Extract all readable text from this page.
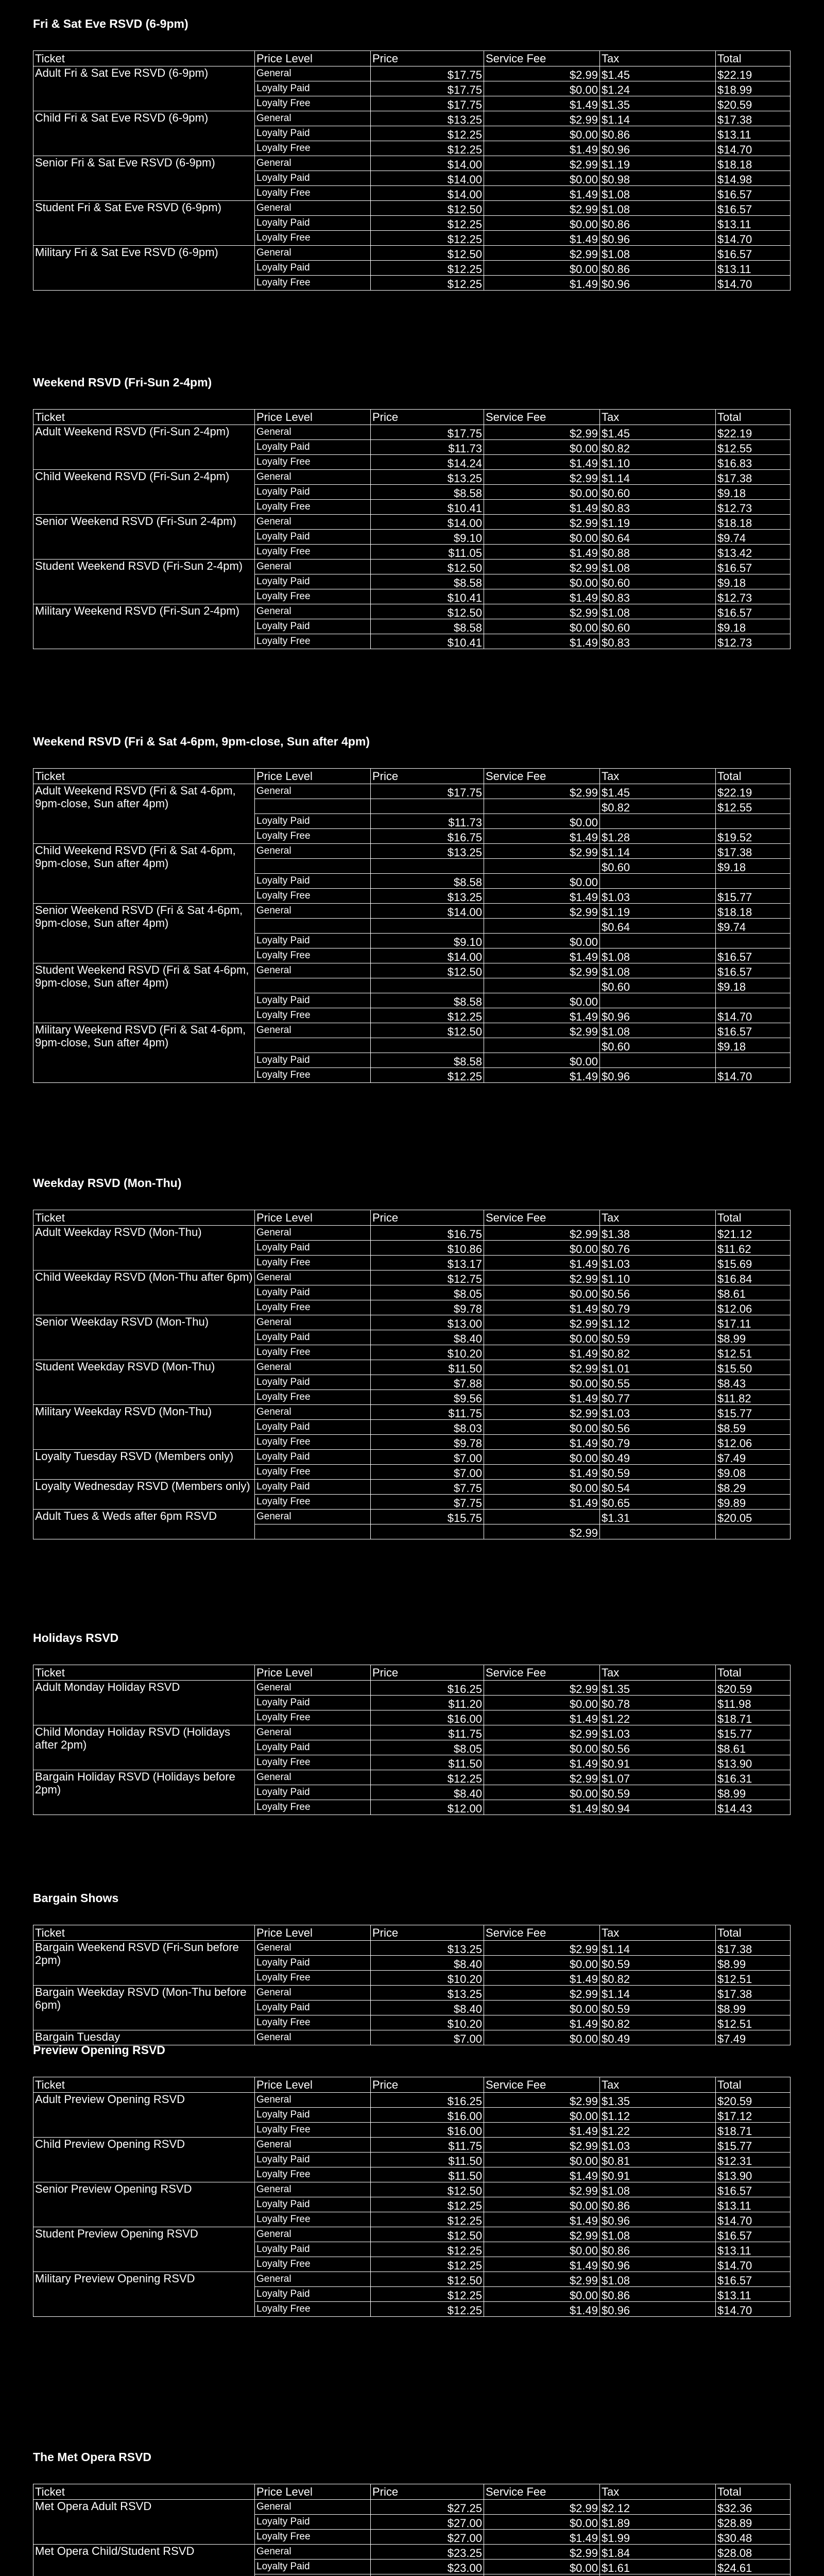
Fri & Sat Eve RSVD (6-9pm)
Ticket	Price Level	Price	Service Fee	Tax	Total
Adult Fri & Sat Eve RSVD (6-9pm)	General	$17.75	$2.99	$1.45	$22.19
	Loyalty Paid	$17.75	$0.00	$1.24	$18.99
	Loyalty Free	$17.75	$1.49	$1.35	$20.59
Child Fri & Sat Eve RSVD (6-9pm)	General	$13.25	$2.99	$1.14	$17.38
	Loyalty Paid	$12.25	$0.00	$0.86	$13.11
	Loyalty Free	$12.25	$1.49	$0.96	$14.70
Senior Fri & Sat Eve RSVD (6-9pm)	General	$14.00	$2.99	$1.19	$18.18
	Loyalty Paid	$14.00	$0.00	$0.98	$14.98
	Loyalty Free	$14.00	$1.49	$1.08	$16.57
Student Fri & Sat Eve RSVD (6-9pm)	General	$12.50	$2.99	$1.08	$16.57
	Loyalty Paid	$12.25	$0.00	$0.86	$13.11
	Loyalty Free	$12.25	$1.49	$0.96	$14.70
Military Fri & Sat Eve RSVD (6-9pm)	General	$12.50	$2.99	$1.08	$16.57
	Loyalty Paid	$12.25	$0.00	$0.86	$13.11
	Loyalty Free	$12.25	$1.49	$0.96	$14.70
Weekend RSVD (Fri-Sun 2-4pm)
Ticket	Price Level	Price	Service Fee	Tax	Total
Adult Weekend RSVD (Fri-Sun 2-4pm)	General	$17.75	$2.99	$1.45	$22.19
	Loyalty Paid	$11.73	$0.00	$0.82	$12.55
	Loyalty Free	$14.24	$1.49	$1.10	$16.83
Child Weekend RSVD (Fri-Sun 2-4pm)	General	$13.25	$2.99	$1.14	$17.38
	Loyalty Paid	$8.58	$0.00	$0.60	$9.18
	Loyalty Free	$10.41	$1.49	$0.83	$12.73
Senior Weekend RSVD (Fri-Sun 2-4pm)	General	$14.00	$2.99	$1.19	$18.18
	Loyalty Paid	$9.10	$0.00	$0.64	$9.74
	Loyalty Free	$11.05	$1.49	$0.88	$13.42
Student Weekend RSVD (Fri-Sun 2-4pm)	General	$12.50	$2.99	$1.08	$16.57
	Loyalty Paid	$8.58	$0.00	$0.60	$9.18
	Loyalty Free	$10.41	$1.49	$0.83	$12.73
Military Weekend RSVD (Fri-Sun 2-4pm)	General	$12.50	$2.99	$1.08	$16.57
	Loyalty Paid	$8.58	$0.00	$0.60	$9.18
	Loyalty Free	$10.41	$1.49	$0.83	$12.73
Weekend RSVD (Fri & Sat 4-6pm, 9pm-close, Sun after 4pm)
Ticket	Price Level	Price	Service Fee	Tax	Total
Adult Weekend RSVD (Fri & Sat 4-6pm, 9pm-close, Sun after 4pm)	General	$17.75	$2.99	$1.45	$22.19
				$0.82	$12.55
	Loyalty Paid	$11.73	$0.00		
	Loyalty Free	$16.75	$1.49	$1.28	$19.52
Child Weekend RSVD (Fri & Sat 4-6pm, 9pm-close, Sun after 4pm)	General	$13.25	$2.99	$1.14	$17.38
				$0.60	$9.18
	Loyalty Paid	$8.58	$0.00		
	Loyalty Free	$13.25	$1.49	$1.03	$15.77
Senior Weekend RSVD (Fri & Sat 4-6pm, 9pm-close, Sun after 4pm)	General	$14.00	$2.99	$1.19	$18.18
				$0.64	$9.74
	Loyalty Paid	$9.10	$0.00		
	Loyalty Free	$14.00	$1.49	$1.08	$16.57
Student Weekend RSVD (Fri & Sat 4-6pm, 9pm-close, Sun after 4pm)	General	$12.50	$2.99	$1.08	$16.57
				$0.60	$9.18
	Loyalty Paid	$8.58	$0.00		
	Loyalty Free	$12.25	$1.49	$0.96	$14.70
Military Weekend RSVD (Fri & Sat 4-6pm, 9pm-close, Sun after 4pm)	General	$12.50	$2.99	$1.08	$16.57
				$0.60	$9.18
	Loyalty Paid	$8.58	$0.00		
	Loyalty Free	$12.25	$1.49	$0.96	$14.70
Weekday RSVD (Mon-Thu)
Ticket	Price Level	Price	Service Fee	Tax	Total
Adult Weekday RSVD (Mon-Thu)	General	$16.75	$2.99	$1.38	$21.12
	Loyalty Paid	$10.86	$0.00	$0.76	$11.62
	Loyalty Free	$13.17	$1.49	$1.03	$15.69
Child Weekday RSVD (Mon-Thu after 6pm)	General	$12.75	$2.99	$1.10	$16.84
	Loyalty Paid	$8.05	$0.00	$0.56	$8.61
	Loyalty Free	$9.78	$1.49	$0.79	$12.06
Senior Weekday RSVD (Mon-Thu)	General	$13.00	$2.99	$1.12	$17.11
	Loyalty Paid	$8.40	$0.00	$0.59	$8.99
	Loyalty Free	$10.20	$1.49	$0.82	$12.51
Student Weekday RSVD (Mon-Thu)	General	$11.50	$2.99	$1.01	$15.50
	Loyalty Paid	$7.88	$0.00	$0.55	$8.43
	Loyalty Free	$9.56	$1.49	$0.77	$11.82
Military Weekday RSVD (Mon-Thu)	General	$11.75	$2.99	$1.03	$15.77
	Loyalty Paid	$8.03	$0.00	$0.56	$8.59
	Loyalty Free	$9.78	$1.49	$0.79	$12.06
Loyalty Tuesday RSVD (Members only)	Loyalty Paid	$7.00	$0.00	$0.49	$7.49
	Loyalty Free	$7.00	$1.49	$0.59	$9.08
Loyalty Wednesday RSVD (Members only)	Loyalty Paid	$7.75	$0.00	$0.54	$8.29
	Loyalty Free	$7.75	$1.49	$0.65	$9.89
Adult Tues & Weds after 6pm RSVD	General	$15.75		$1.31	$20.05
			$2.99		
Holidays RSVD
Ticket	Price Level	Price	Service Fee	Tax	Total
Adult Monday Holiday RSVD	General	$16.25	$2.99	$1.35	$20.59
	Loyalty Paid	$11.20	$0.00	$0.78	$11.98
	Loyalty Free	$16.00	$1.49	$1.22	$18.71
Child Monday Holiday RSVD (Holidays after 2pm)	General	$11.75	$2.99	$1.03	$15.77
	Loyalty Paid	$8.05	$0.00	$0.56	$8.61
	Loyalty Free	$11.50	$1.49	$0.91	$13.90
Bargain Holiday RSVD (Holidays before 2pm)	General	$12.25	$2.99	$1.07	$16.31
	Loyalty Paid	$8.40	$0.00	$0.59	$8.99
	Loyalty Free	$12.00	$1.49	$0.94	$14.43
Bargain Shows
Ticket	Price Level	Price	Service Fee	Tax	Total
Bargain Weekend RSVD (Fri-Sun before 2pm)	General	$13.25	$2.99	$1.14	$17.38
	Loyalty Paid	$8.40	$0.00	$0.59	$8.99
	Loyalty Free	$10.20	$1.49	$0.82	$12.51
Bargain Weekday RSVD (Mon-Thu before 6pm)	General	$13.25	$2.99	$1.14	$17.38
	Loyalty Paid	$8.40	$0.00	$0.59	$8.99
	Loyalty Free	$10.20	$1.49	$0.82	$12.51
Bargain Tuesday	General	$7.00	$0.00	$0.49	$7.49
Preview Opening RSVD
Ticket	Price Level	Price	Service Fee	Tax	Total
Adult Preview Opening RSVD	General	$16.25	$2.99	$1.35	$20.59
	Loyalty Paid	$16.00	$0.00	$1.12	$17.12
	Loyalty Free	$16.00	$1.49	$1.22	$18.71
Child Preview Opening RSVD	General	$11.75	$2.99	$1.03	$15.77
	Loyalty Paid	$11.50	$0.00	$0.81	$12.31
	Loyalty Free	$11.50	$1.49	$0.91	$13.90
Senior Preview Opening RSVD	General	$12.50	$2.99	$1.08	$16.57
	Loyalty Paid	$12.25	$0.00	$0.86	$13.11
	Loyalty Free	$12.25	$1.49	$0.96	$14.70
Student Preview Opening RSVD	General	$12.50	$2.99	$1.08	$16.57
	Loyalty Paid	$12.25	$0.00	$0.86	$13.11
	Loyalty Free	$12.25	$1.49	$0.96	$14.70
Military Preview Opening RSVD	General	$12.50	$2.99	$1.08	$16.57
	Loyalty Paid	$12.25	$0.00	$0.86	$13.11
	Loyalty Free	$12.25	$1.49	$0.96	$14.70
The Met Opera RSVD
Ticket	Price Level	Price	Service Fee	Tax	Total
Met Opera Adult RSVD	General	$27.25	$2.99	$2.12	$32.36
	Loyalty Paid	$27.00	$0.00	$1.89	$28.89
	Loyalty Free	$27.00	$1.49	$1.99	$30.48
Met Opera Child/Student RSVD	General	$23.25	$2.99	$1.84	$28.08
	Loyalty Paid	$23.00	$0.00	$1.61	$24.61
